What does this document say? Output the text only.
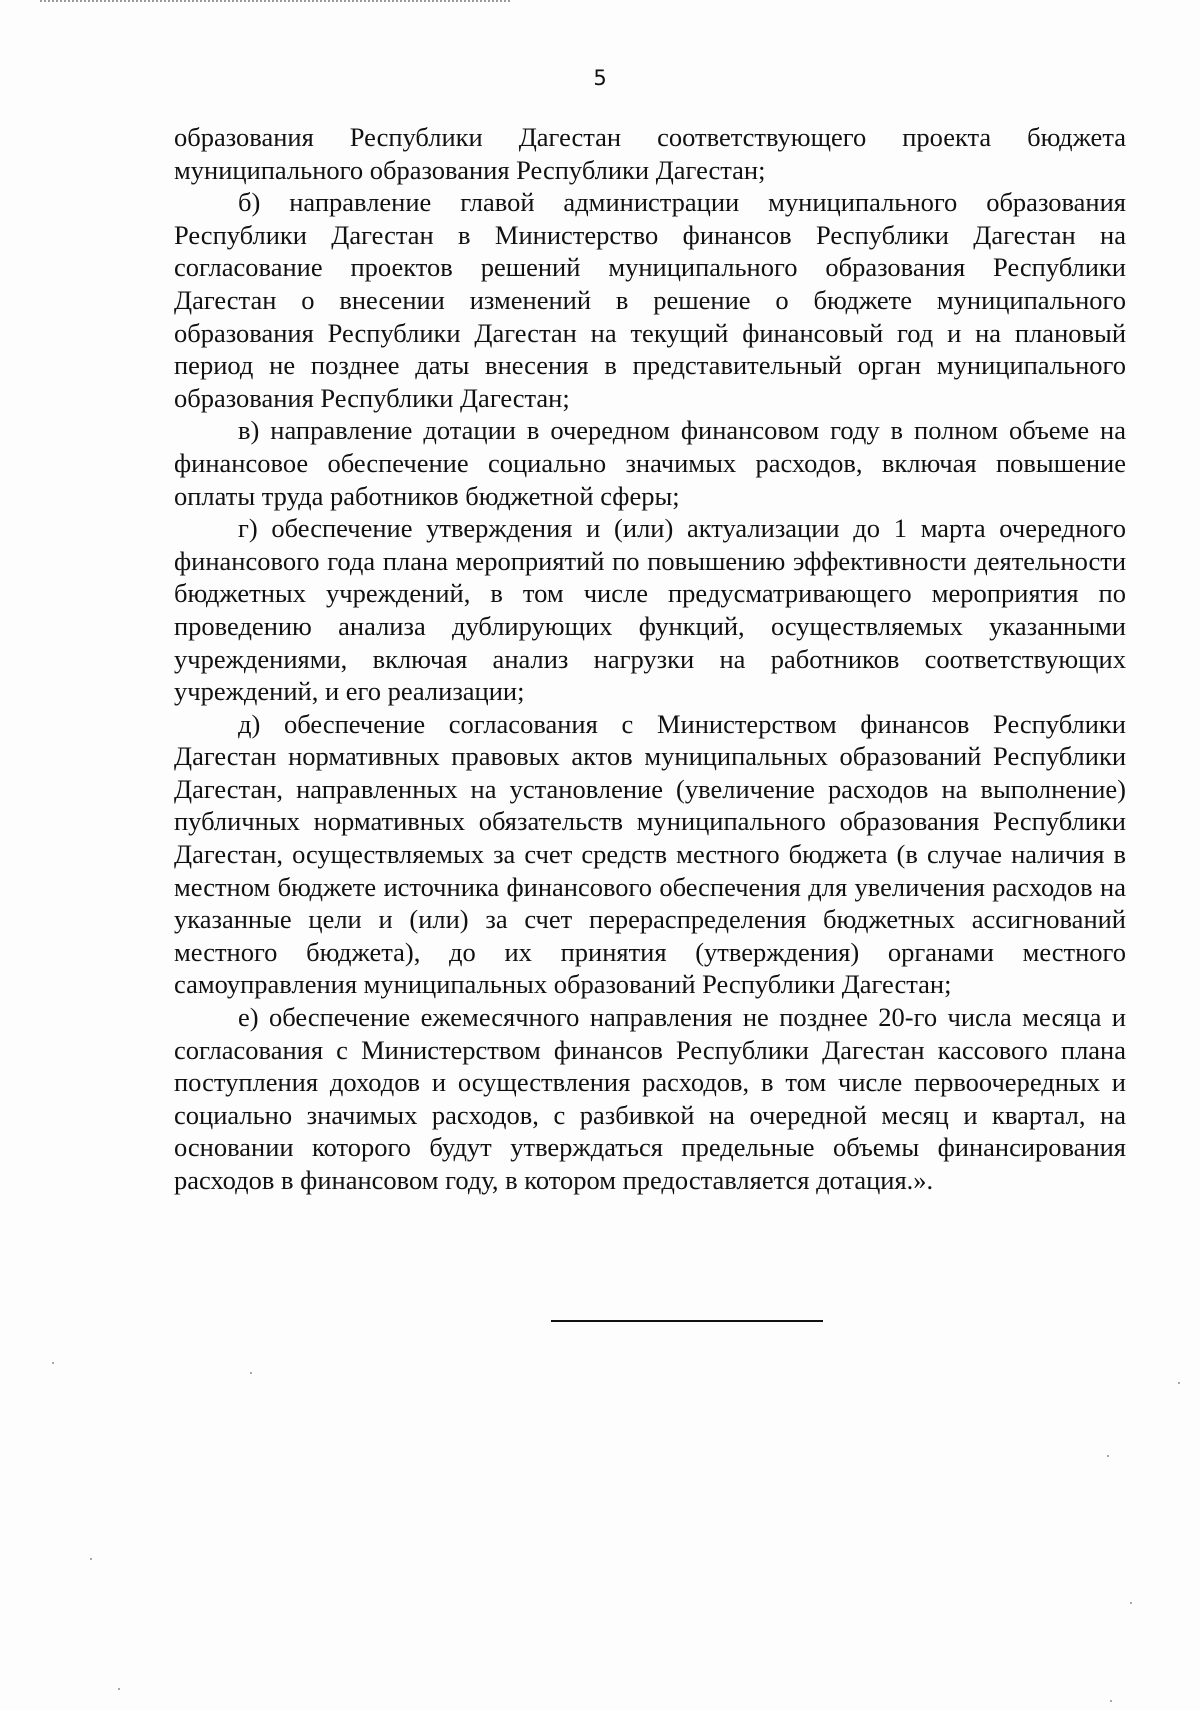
5

образования Республики Дагестан соответствующего проекта бюджета муниципального образования Республики Дагестан;

б) направление главой администрации муниципального образования Республики Дагестан в Министерство финансов Республики Дагестан на согласование проектов решений муниципального образования Республики Дагестан о внесении изменений в решение о бюджете муниципального образования Республики Дагестан на текущий финансовый год и на плановый период не позднее даты внесения в представительный орган муниципального образования Республики Дагестан;

в) направление дотации в очередном финансовом году в полном объеме на финансовое обеспечение социально значимых расходов, включая повышение оплаты труда работников бюджетной сферы;

г) обеспечение утверждения и (или) актуализации до 1 марта очередного финансового года плана мероприятий по повышению эффективности деятельности бюджетных учреждений, в том числе предусматривающего мероприятия по проведению анализа дублирующих функций, осуществляемых указанными учреждениями, включая анализ нагрузки на работников соответствующих учреждений, и его реализации;

д) обеспечение согласования с Министерством финансов Республики Дагестан нормативных правовых актов муниципальных образований Республики Дагестан, направленных на установление (увеличение расходов на выполнение) публичных нормативных обязательств муниципального образования Республики Дагестан, осуществляемых за счет средств местного бюджета (в случае наличия в местном бюджете источника финансового обеспечения для увеличения расходов на указанные цели и (или) за счет перераспределения бюджетных ассигнований местного бюджета), до их принятия (утверждения) органами местного самоуправления муниципальных образований Республики Дагестан;

е) обеспечение ежемесячного направления не позднее 20-го числа месяца и согласования с Министерством финансов Республики Дагестан кассового плана поступления доходов и осуществления расходов, в том числе первоочередных и социально значимых расходов, с разбивкой на очередной месяц и квартал, на основании которого будут утверждаться предельные объемы финансирования расходов в финансовом году, в котором предоставляется дотация.».
